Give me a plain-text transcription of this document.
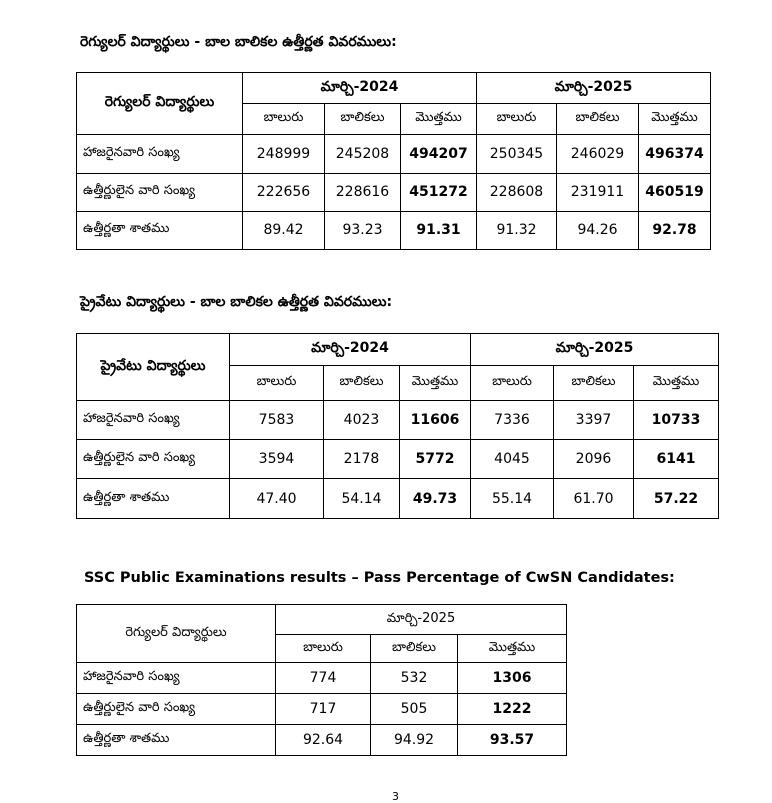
రెగ్యులర్ విద్యార్థులు - బాల బాలికల ఉత్తీర్ణత వివరములు:
రెగ్యులర్ విద్యార్థులు	మార్చి-2024			మార్చి-2025		
	బాలురు	బాలికలు	మొత్తము	బాలురు	బాలికలు	మొత్తము
హాజరైనవారి సంఖ్య	248999	245208	494207	250345	246029	496374
ఉత్తీర్ణులైన వారి సంఖ్య	222656	228616	451272	228608	231911	460519
ఉత్తీర్ణతా శాతము	89.42	93.23	91.31	91.32	94.26	92.78
ప్రైవేటు విద్యార్థులు - బాల బాలికల ఉత్తీర్ణత వివరములు:
ప్రైవేటు విద్యార్థులు	మార్చి-2024			మార్చి-2025		
	బాలురు	బాలికలు	మొత్తము	బాలురు	బాలికలు	మొత్తము
హాజరైనవారి సంఖ్య	7583	4023	11606	7336	3397	10733
ఉత్తీర్ణులైన వారి సంఖ్య	3594	2178	5772	4045	2096	6141
ఉత్తీర్ణతా శాతము	47.40	54.14	49.73	55.14	61.70	57.22
SSC Public Examinations results – Pass Percentage of CwSN Candidates:
రెగ్యులర్ విద్యార్థులు	మార్చి-2025		
	బాలురు	బాలికలు	మొత్తము
హాజరైనవారి సంఖ్య	774	532	1306
ఉత్తీర్ణులైన వారి సంఖ్య	717	505	1222
ఉత్తీర్ణతా శాతము	92.64	94.92	93.57
3
